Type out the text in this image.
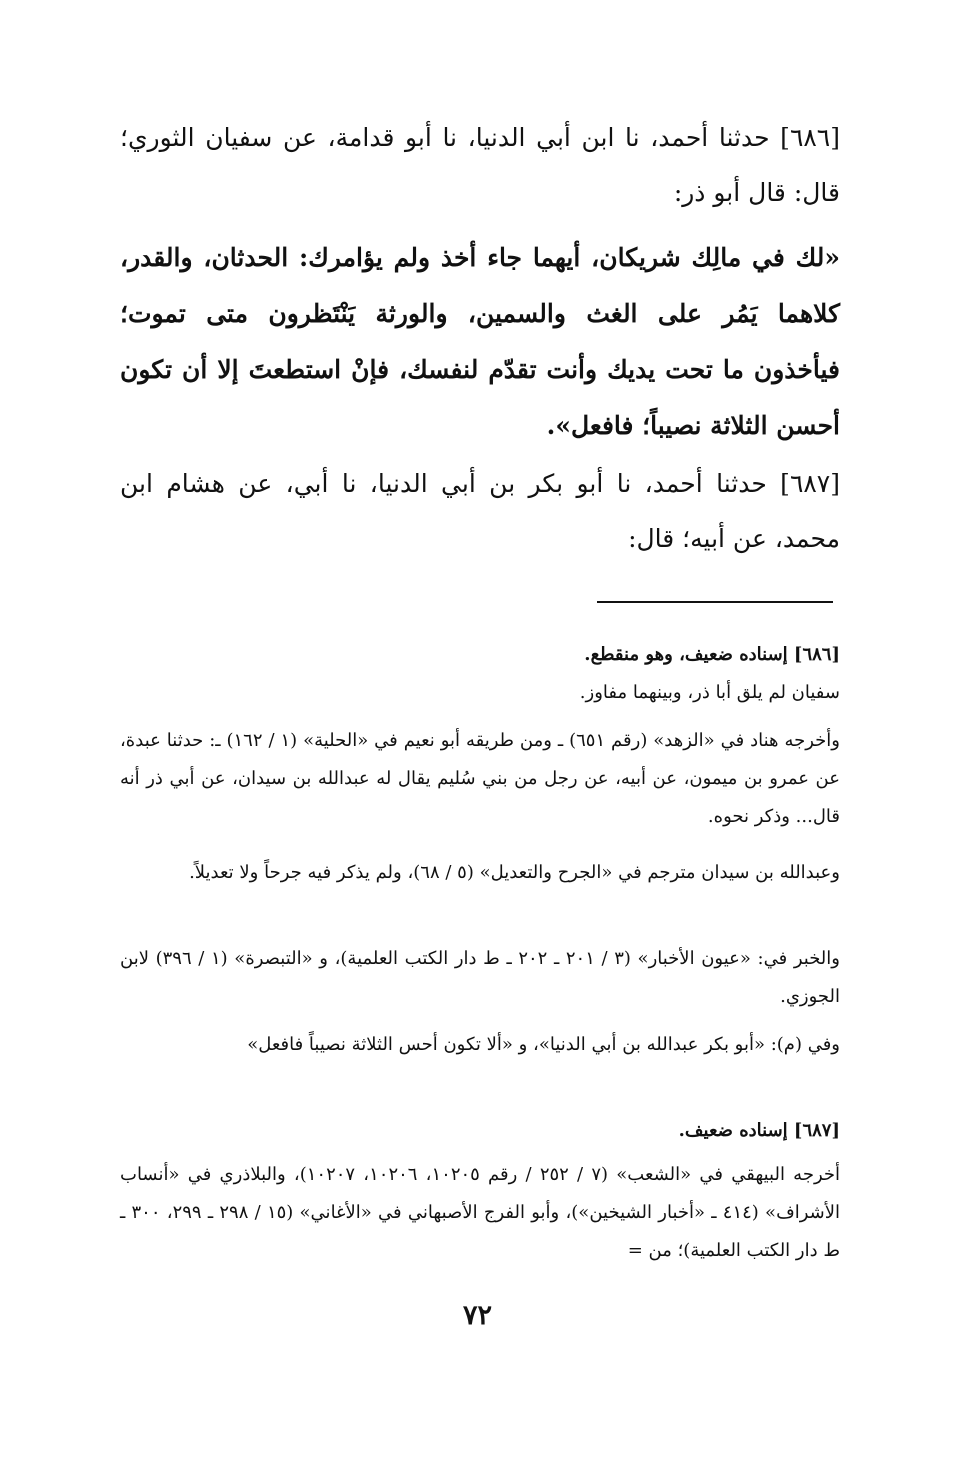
[٦٨٦] حدثنا أحمد، نا ابن أبي الدنيا، نا أبو قدامة، عن سفيان الثوري؛ قال: قال أبو ذر:

«لك في مالِك شريكان، أيهما جاء أخذ ولم يؤامرك: الحدثان، والقدر، كلاهما يَمُر على الغث والسمين، والورثة يَنْتَظرون متى تموت؛ فيأخذون ما تحت يديك وأنت تقدّم لنفسك، فإنْ استطعتَ إلا أن تكون أحسن الثلاثة نصيباً؛ فافعل».

[٦٨٧] حدثنا أحمد، نا أبو بكر بن أبي الدنيا، نا أبي، عن هشام ابن محمد، عن أبيه؛ قال:

[٦٨٦] إسناده ضعيف، وهو منقطع.

سفيان لم يلق أبا ذر، وبينهما مفاوز.

وأخرجه هناد في «الزهد» (رقم ٦٥١) ـ ومن طريقه أبو نعيم في «الحلية» (١ / ١٦٢) ـ: حدثنا عبدة، عن عمرو بن ميمون، عن أبيه، عن رجل من بني سُليم يقال له عبدالله بن سيدان، عن أبي ذر أنه قال... وذكر نحوه.

وعبدالله بن سيدان مترجم في «الجرح والتعديل» (٥ / ٦٨)، ولم يذكر فيه جرحاً ولا تعديلاً.

والخبر في: «عيون الأخبار» (٣ / ٢٠١ ـ ٢٠٢ ـ ط دار الكتب العلمية)، و «التبصرة» (١ / ٣٩٦) لابن الجوزي.

وفي (م): «أبو بكر عبدالله بن أبي الدنيا»، و «ألا تكون أحس الثلاثة نصيباً فافعل»

[٦٨٧] إسناده ضعيف.

أخرجه البيهقي في «الشعب» (٧ / ٢٥٢ / رقم ١٠٢٠٥، ١٠٢٠٦، ١٠٢٠٧)، والبلاذري في «أنساب الأشراف» (٤١٤ ـ «أخبار الشيخين»)، وأبو الفرج الأصبهاني في «الأغاني» (١٥ / ٢٩٨ ـ ٢٩٩، ٣٠٠ ـ ط دار الكتب العلمية)؛ من =

٧٢
